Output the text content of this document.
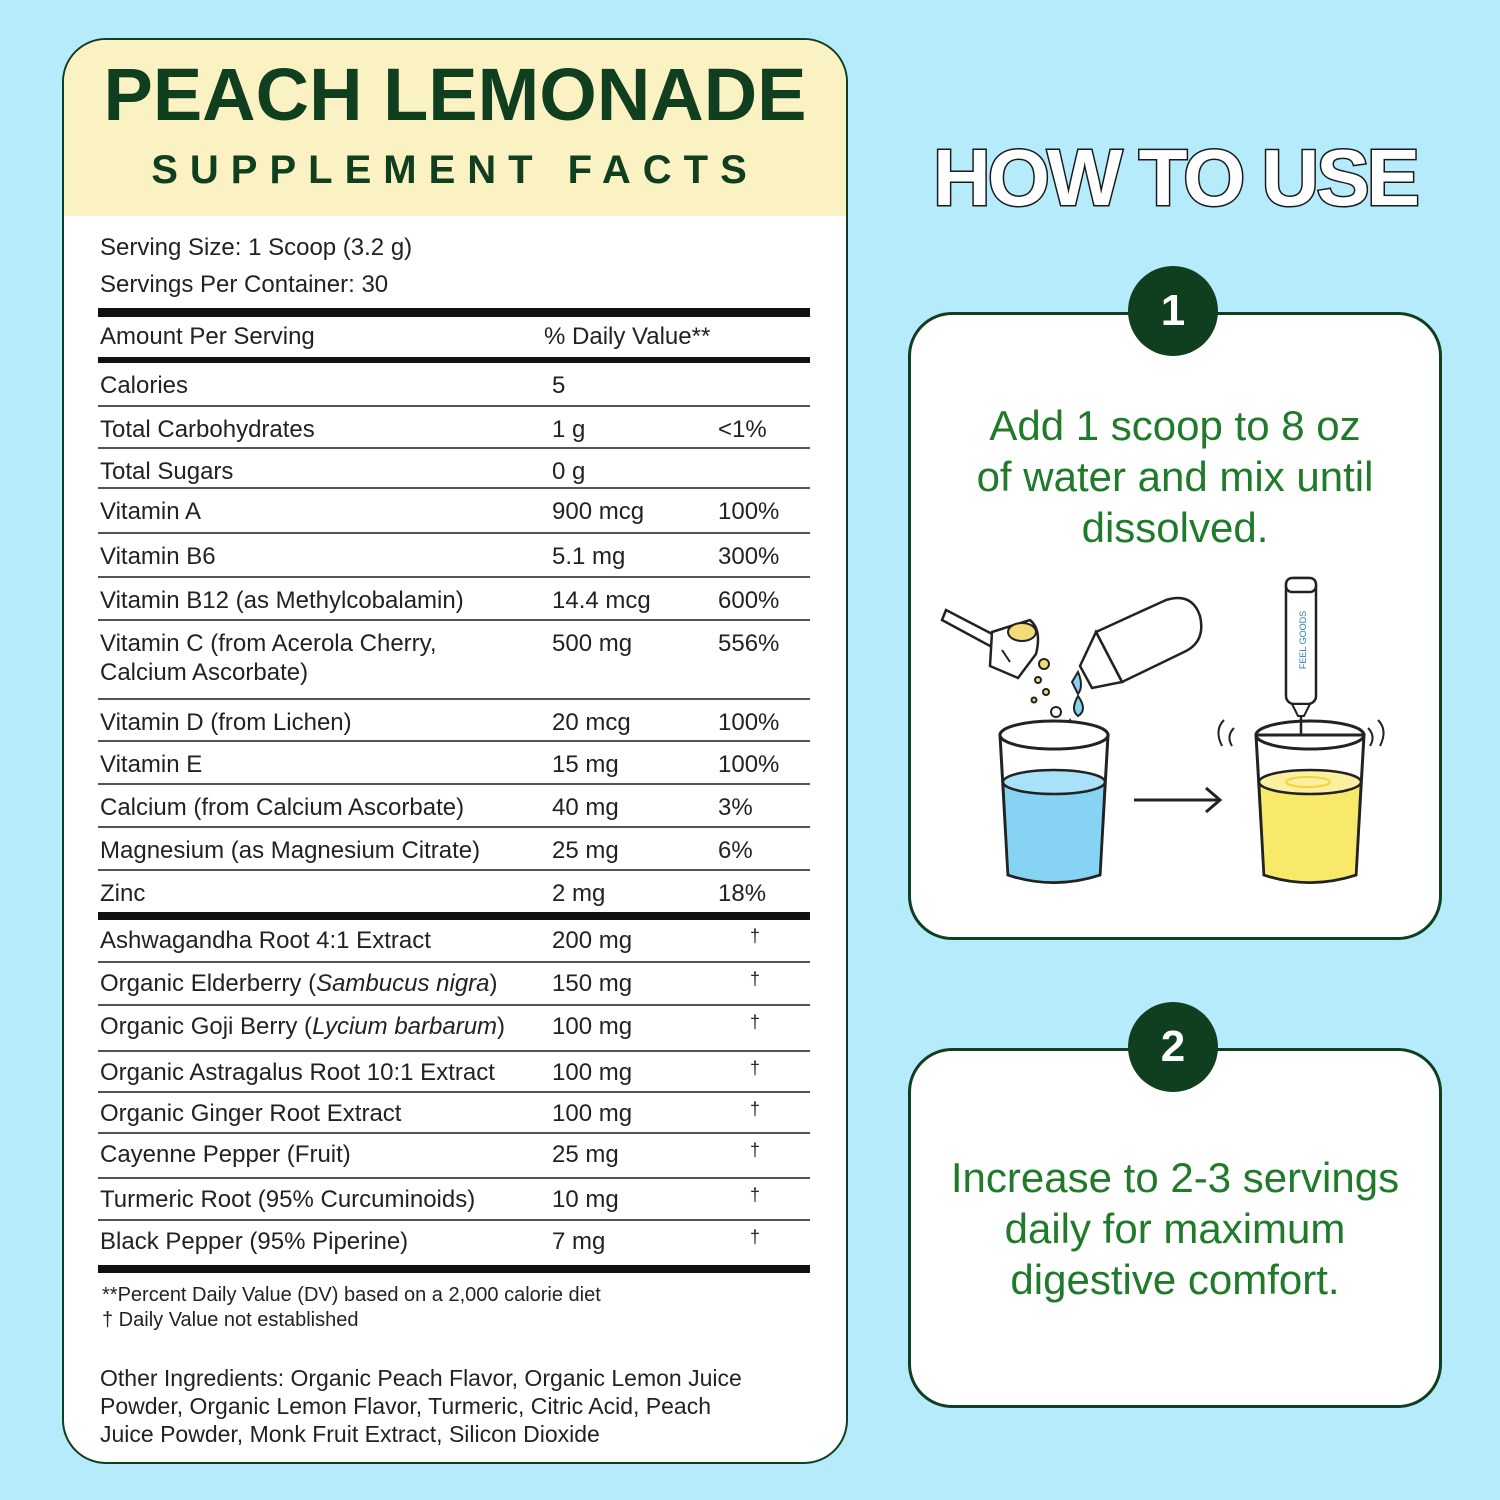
PEACH LEMONADE
SUPPLEMENT FACTS
Serving Size: 1 Scoop (3.2 g)
Servings Per Container: 30
Amount Per Serving	% Daily Value**
Calories	5
Total Carbohydrates	1 g	<1%
Total Sugars	0 g
Vitamin A	900 mcg	100%
Vitamin B6	5.1 mg	300%
Vitamin B12 (as Methylcobalamin)	14.4 mcg	600%
Vitamin C (from Acerola Cherry,
Calcium Ascorbate)
500 mg	556%
Vitamin D (from Lichen)	20 mcg	100%
Vitamin E	15 mg	100%
Calcium (from Calcium Ascorbate)	40 mg	3%
Magnesium (as Magnesium Citrate)	25 mg	6%
Zinc	2 mg	18%
Ashwagandha Root 4:1 Extract	200 mg	†
Organic Elderberry (Sambucus nigra) 150 mg	†
Organic Goji Berry (Lycium barbarum) 100 mg	†
Organic Astragalus Root 10:1 Extract 100 mg	†
Organic Ginger Root Extract	100 mg	†
Cayenne Pepper (Fruit)	25 mg	†
Turmeric Root (95% Curcuminoids)	10 mg	†
Black Pepper (95% Piperine)	7 mg	†
**Percent Daily Value (DV) based on a 2,000 calorie diet
† Daily Value not established
Other Ingredients: Organic Peach Flavor, Organic Lemon Juice Powder, Organic Lemon Flavor, Turmeric, Citric Acid, Peach Juice Powder, Monk Fruit Extract, Silicon Dioxide
HOW TO USE
1
Add 1 scoop to 8 oz
of water and mix until
dissolved.
FEEL GOODS
2
Increase to 2-3 servings
daily for maximum
digestive comfort.
